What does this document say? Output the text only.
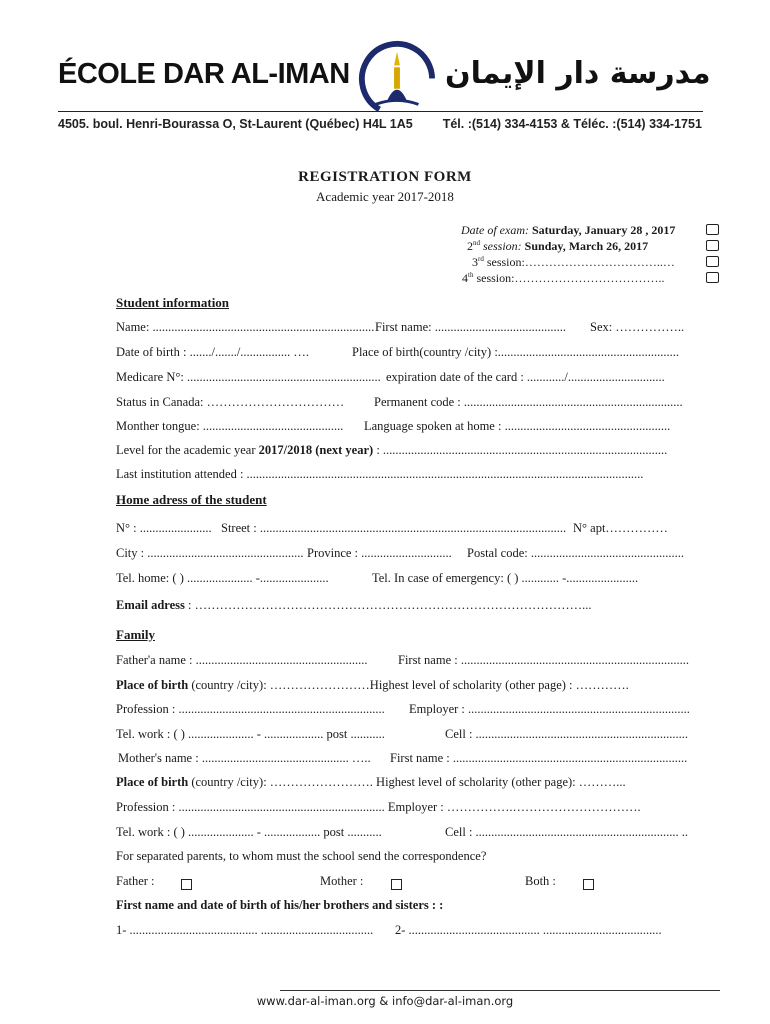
ÉCOLE DAR AL-IMAN	مدرسة دار الإيمان
4505. boul. Henri-Bourassa O, St-Laurent (Québec) H4L 1A5 Tél. :(514) 334-4153 & Téléc. :(514) 334-1751
REGISTRATION FORM
Academic year 2017-2018
Date of exam: Saturday, January 28 , 2017
2nd session: Sunday, March 26, 2017
3rd session:……………………………..…
4th session:………………………………..
Student information
Name: ....................................................................... First name: .......................................... Sex: ……………..
Date of birth : ......./......./................ ….	Place of birth(country /city) :..........................................................
Medicare N°: .............................................................. expiration date of the card : ............/...............................
Status in Canada: …………………………… Permanent code : ......................................................................
Monther tongue: ............................................. Language spoken at home : .....................................................
Level for the academic year 2017/2018 (next year) : ...........................................................................................
Last institution attended : ...............................................................................................................................
Home adress of the student
N° : ....................... Street : .................................................................................................. N° apt……………
City : .................................................. Province : ............................. Postal code: .................................................
Tel. home: ( ) ..................... -......................	Tel. In case of emergency: ( ) ............ -.......................
Email adress : …………………………………………………………………………………...
Family
Father'a name : ....................................................... First name : .........................................................................
Place of birth (country /city): ……………………Highest level of scholarity (other page) : ………….
Profession : .................................................................. Employer : .......................................................................
Tel. work : ( ) ..................... - ................... post ...........	Cell : ....................................................................
Mother's name : ............................................... ….. First name : ...........................................................................
Place of birth (country /city): ……………………. Highest level of scholarity (other page): ………...
Profession : .................................................................. Employer : …………….………………………….
Tel. work : ( ) ..................... - .................. post ...........	Cell : ................................................................. ..
For separated parents, to whom must the school send the correspondence?
Father :	Mother :	Both :
First name and date of birth of his/her brothers and sisters : :
1- ......................................... .................................... 2- .......................................... ......................................
www.dar-al-iman.org & info@dar-al-iman.org
